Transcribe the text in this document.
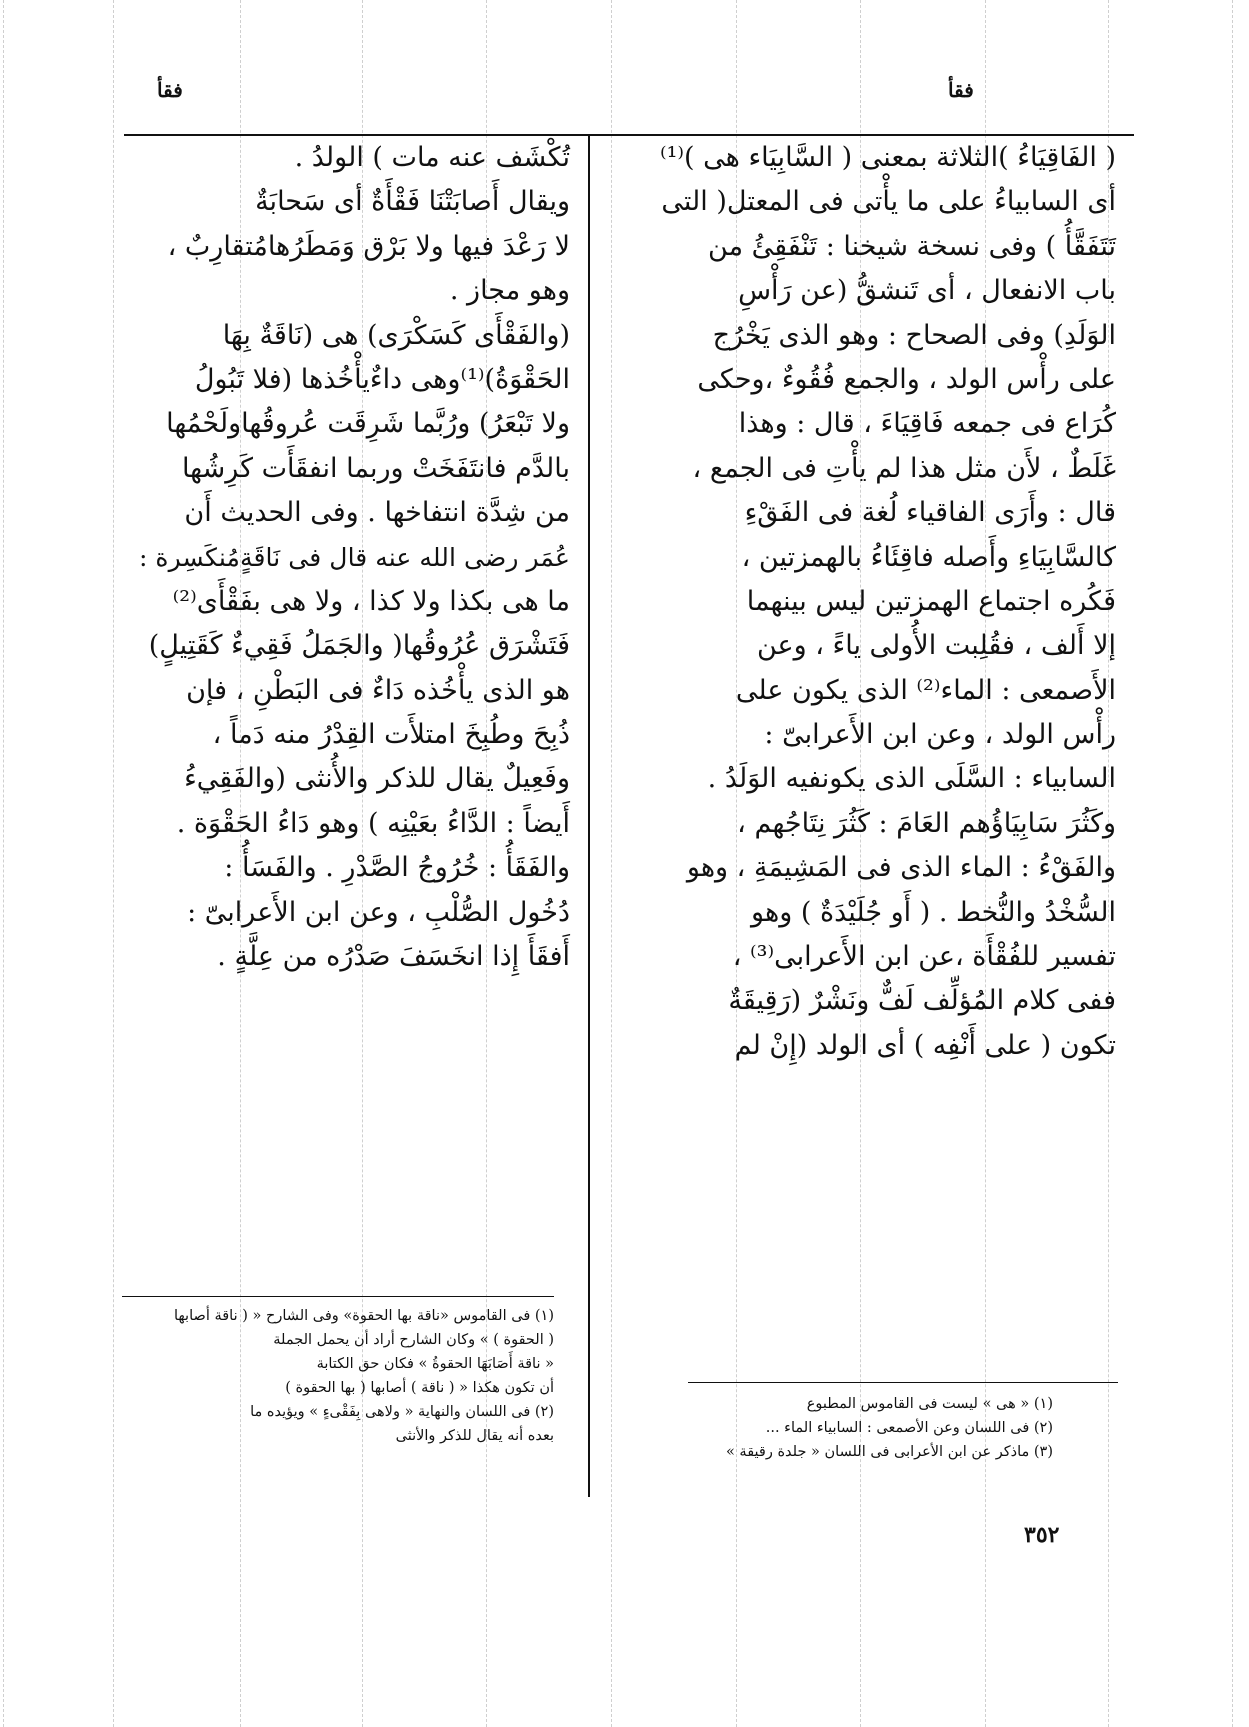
فقأ
فقأ
( الفَاقِيَاءُ )الثلاثة بمعنى ( السَّابِيَاء هى )⁽¹⁾
أى السابياءُ على ما يأْتى فى المعتل( التى
تَتَفَقَّأُ ) وفى نسخة شيخنا : تَنْفَقِئُ من
باب الانفعال ، أى تَنشقُّ (عن رَأْسِ
الوَلَدِ) وفى الصحاح : وهو الذى يَخْرُج
على رأْس الولد ، والجمع فُقُوءٌ ،وحكى
كُرَاع فى جمعه فَاقِيَاءَ ، قال : وهذا
غَلَطٌ ، لأَن مثل هذا لم يأْتِ فى الجمع ،
قال : وأَرَى الفاقياء لُغة فى الفَقْءِ
كالسَّابِيَاءِ وأَصله فاقِئَاءُ بالهمزتين ،
فَكُره اجتماع الهمزتين ليس بينهما
إلا أَلف ، فقُلِبت الأُولى ياءً ، وعن
الأَصمعى : الماء⁽²⁾ الذى يكون على
رأْس الولد ، وعن ابن الأَعرابىّ :
السابياء : السَّلَى الذى يكونفيه الوَلَدُ .
وكَثُرَ سَابِيَاؤُهم العَامَ : كَثُرَ نِتَاجُهم ،
والفَقْءُ : الماء الذى فى المَشِيمَةِ ، وهو
السُّخْدُ والنُّخط . ( أَو جُلَيْدَةٌ ) وهو
تفسير للفُقْأَة ،عن ابن الأَعرابى⁽³⁾ ،
ففى كلام المُؤلِّف لَفٌّ ونَشْرٌ (رَقِيقَةٌ
تكون ( على أَنْفِه ) أى الولد (إِنْ لم
تُكْشَف عنه مات ) الولدُ .
ويقال أَصابَتْنَا فَقْأَةٌ أى سَحابَةٌ
لا رَعْدَ فيها ولا بَرْق وَمَطَرُهامُتقارِبٌ ،
وهو مجاز .
(والفَقْأَى كَسَكْرَى) هى (نَاقَةٌ بِهَا
الحَقْوَةُ)⁽¹⁾وهى داءٌيأْخُذها (فلا تَبُولُ
ولا تَبْعَرُ) ورُبَّما شَرِقَت عُروقُهاولَحْمُها
بالدَّم فانتَفَخَتْ وربما انفقَأَت كَرِشُها
من شِدَّة انتفاخها . وفى الحديث أَن
عُمَر رضى الله عنه قال فى نَاقَةٍمُنكَسِرة :
ما هى بكذا ولا كذا ، ولا هى بفَقْأَى⁽²⁾
فَتَشْرَق عُرُوقُها( والجَمَلُ فَقِيءٌ كَقَتِيلٍ)
هو الذى يأْخُذه دَاءٌ فى البَطْنِ ، فإن
ذُبِحَ وطُبِخَ امتلأَت القِدْرُ منه دَماً ،
وفَعِيلٌ يقال للذكر والأُنثى (والفَقِيءُ
أَيضاً : الدَّاءُ بعَيْنِه ) وهو دَاءُ الحَقْوَة .
والفَقَأُ : خُرُوجُ الصَّدْرِ . والفَسَأُ :
دُخُول الصُّلْبِ ، وعن ابن الأَعرابىّ :
أَفقَأَ إِذا انخَسَفَ صَدْرُه من عِلَّةٍ .
(١) « هى » ليست فى القاموس المطبوع
(٢) فى اللسان وعن الأصمعى : السابياء الماء ...
(٣) ماذكر عن ابن الأعرابى فى اللسان « جلدة رقيقة »
(١) فى القاموس «ناقة بها الحقوة» وفى الشارح « ( ناقة أصابها
( الحقوة ) » وكان الشارح أراد أن يحمل الجملة
« ناقة أَصَابَهَا الحقوةُ » فكان حق الكتابة
أن تكون هكذا « ( ناقة ) أصابها ( بها الحقوة )
(٢) فى اللسان والنهاية « ولاهى بِفَقْىءٍ » ويؤيده ما
بعده أنه يقال للذكر والأنثى
٣٥٢
